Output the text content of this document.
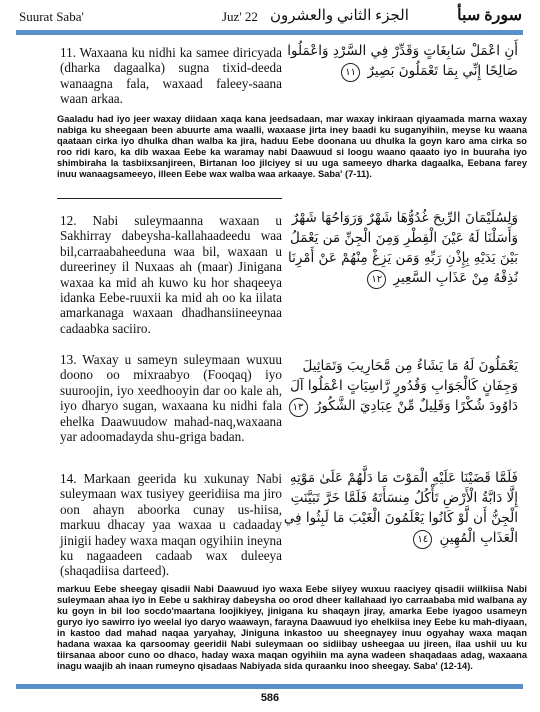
Suurat Saba'	Juz' 22 الجزء الثاني والعشرون	سورة سبأ
11. Waxaana ku nidhi ka samee diricyada (dharka dagaalka) sugna tixid-deeda wanaagna fala, waxaad faleey-saana waan arkaa.
أَنِ اعْمَلْ سَابِغَاتٍ وَقَدِّرْ فِي السَّرْدِ وَاعْمَلُوا صَالِحًا إِنِّي بِمَا تَعْمَلُونَ بَصِيرٌ ١١
Gaaladu had iyo jeer waxay diidaan xaqa kana jeedsadaan, mar waxay inkiraan qiyaamada marna waxay nabiga ku sheegaan been abuurte ama waalli, waxaase jirta iney baadi ku suganyihiin, meyse ku waana qaataan cirka iyo dhulka dhan walba ka jira, haduu Eebe doonana uu dhulka la goyn karo ama cirka so roo ridi karo, ka dib waxaa Eebe ka waramay nabi Daawuud si loogu waano qaaato iyo in buuraha iyo shimbiraha la tasbiixsanjireen, Birtanan loo jilciyey si uu uga sameeyo dharka dagaalka, Eebana farey inuu wanaagsameeyo, illeen Eebe wax walba waa arkaaye. Saba' (7-11).
12. Nabi suleymaanna waxaan u Sakhirray dabeysha-kallahaadeedu waa bil,carraabaheeduna waa bil, waxaan u dureeriney il Nuxaas ah (maar) Jinigana waxaa ka mid ah kuwo ku hor shaqeeya idanka Eebe-ruuxii ka mid ah oo ka iilata amarkanaga waxaan dhadhansiineeynaa cadaabka saciiro.
وَلِسُلَيْمَانَ الرِّيحَ غُدُوُّهَا شَهْرٌ وَرَوَاحُهَا شَهْرٌ وَأَسَلْنَا لَهُ عَيْنَ الْقِطْرِ وَمِنَ الْجِنِّ مَن يَعْمَلُ بَيْنَ يَدَيْهِ بِإِذْنِ رَبِّهِ وَمَن يَزِغْ مِنْهُمْ عَنْ أَمْرِنَا نُذِقْهُ مِنْ عَذَابِ السَّعِيرِ ١٢
13. Waxay u sameyn suleymaan wuxuu doono oo mixraabyo (Fooqaq) iyo suuroojin, iyo xeedhooyin dar oo kale ah, iyo dharyo sugan, waxaana ku nidhi fala ehelka Daawuudow mahad-naq,waxaana yar adoomadayda shu-griga badan.
يَعْمَلُونَ لَهُ مَا يَشَاءُ مِن مَّحَارِيبَ وَتَمَاثِيلَ وَجِفَانٍ كَالْجَوَابِ وَقُدُورٍ رَّاسِيَاتٍ اعْمَلُوا آلَ دَاوُودَ شُكْرًا وَقَلِيلٌ مِّنْ عِبَادِيَ الشَّكُورُ ١٣
14. Markaan geerida ku xukunay Nabi suleymaan wax tusiyey geeridiisa ma jiro oon ahayn aboorka cunay us-hiisa, markuu dhacay yaa waxaa u cadaaday jinigii hadey waxa maqan ogyihiin ineyna ku nagaadeen cadaab wax duleeya (shaqadiisa darteed).
فَلَمَّا قَضَيْنَا عَلَيْهِ الْمَوْتَ مَا دَلَّهُمْ عَلَىٰ مَوْتِهِ إِلَّا دَابَّةُ الْأَرْضِ تَأْكُلُ مِنسَأَتَهُ فَلَمَّا خَرَّ تَبَيَّنَتِ الْجِنُّ أَن لَّوْ كَانُوا يَعْلَمُونَ الْغَيْبَ مَا لَبِثُوا فِي الْعَذَابِ الْمُهِينِ ١٤
markuu Eebe sheegay qisadii Nabi Daawuud iyo waxa Eebe siiyey wuxuu raaciyey qisadii wiilkiisa Nabi suleymaan ahaa iyo in Eebe u sakhiray dabeysha oo orod dheer kallahaad iyo carraababa mid walbana ay ku goyn in bil loo socdo'maartana loojikiyey, jinigana ku shaqayn jiray, amarka Eebe iyagoo usameyn guryo iyo sawirro iyo weelal iyo daryo waawayn, farayna Daawuud iyo ehelkiisa iney Eebe ku mah-diyaan, in kastoo dad mahad naqaa yaryahay, Jiniguna inkastoo uu sheegnayey inuu ogyahay waxa maqan hadana waxaa ka qarsoomay geeridii Nabi suleymaan oo sidiibay usheegaa uu jireen, ilaa ushii uu ku tiirsanaa aboor cuno oo dhaco, haday waxa maqan ogyihiin ma ayna wadeen shaqadaas adag, waxaana inagu waajib ah inaan rumeyno qisadaas Nabiyada sida quraanku inoo sheegay. Saba' (12-14).
586
